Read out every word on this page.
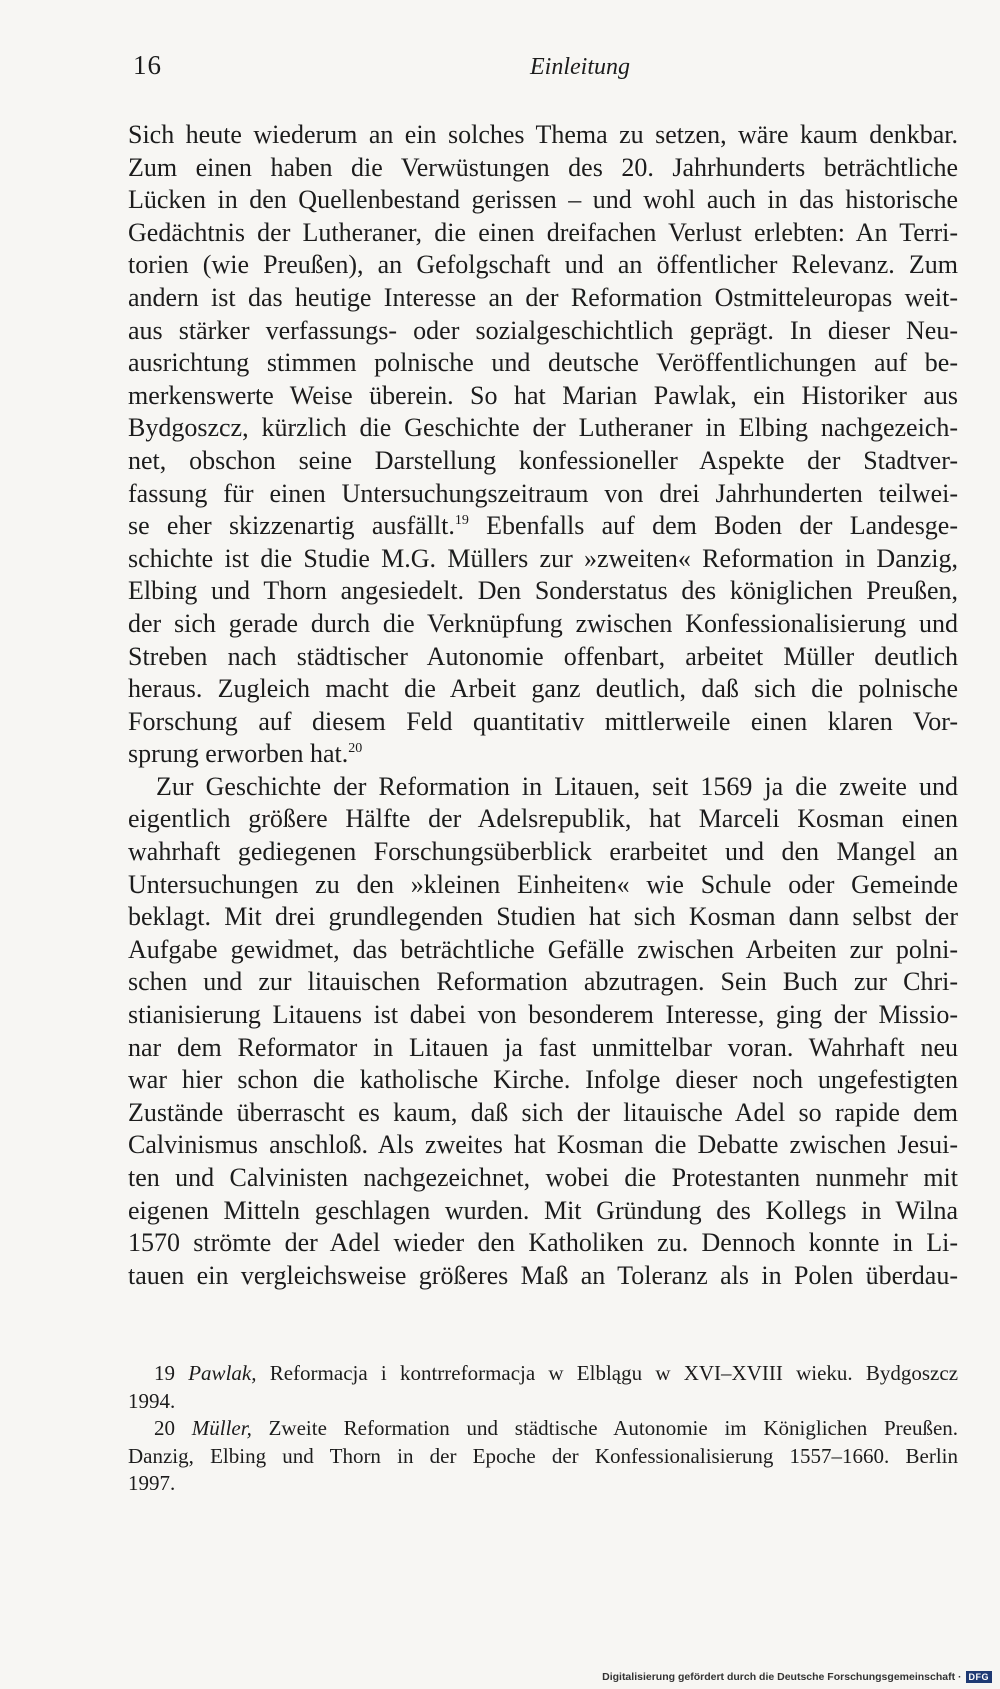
16	Einleitung
Sich heute wiederum an ein solches Thema zu setzen, wäre kaum denkbar.
Zum einen haben die Verwüstungen des 20. Jahrhunderts beträchtliche
Lücken in den Quellenbestand gerissen – und wohl auch in das historische
Gedächtnis der Lutheraner, die einen dreifachen Verlust erlebten: An Terri-
torien (wie Preußen), an Gefolgschaft und an öffentlicher Relevanz. Zum
andern ist das heutige Interesse an der Reformation Ostmitteleuropas weit-
aus stärker verfassungs- oder sozialgeschichtlich geprägt. In dieser Neu-
ausrichtung stimmen polnische und deutsche Veröffentlichungen auf be-
merkenswerte Weise überein. So hat Marian Pawlak, ein Historiker aus
Bydgoszcz, kürzlich die Geschichte der Lutheraner in Elbing nachgezeich-
net, obschon seine Darstellung konfessioneller Aspekte der Stadtver-
fassung für einen Untersuchungszeitraum von drei Jahrhunderten teilwei-
se eher skizzenartig ausfällt.$^{19}$ Ebenfalls auf dem Boden der Landesge-
schichte ist die Studie M.G. Müllers zur »zweiten« Reformation in Danzig,
Elbing und Thorn angesiedelt. Den Sonderstatus des königlichen Preußen,
der sich gerade durch die Verknüpfung zwischen Konfessionalisierung und
Streben nach städtischer Autonomie offenbart, arbeitet Müller deutlich
heraus. Zugleich macht die Arbeit ganz deutlich, daß sich die polnische
Forschung auf diesem Feld quantitativ mittlerweile einen klaren Vor-
sprung erworben hat.$^{20}$
Zur Geschichte der Reformation in Litauen, seit 1569 ja die zweite und
eigentlich größere Hälfte der Adelsrepublik, hat Marceli Kosman einen
wahrhaft gediegenen Forschungsüberblick erarbeitet und den Mangel an
Untersuchungen zu den »kleinen Einheiten« wie Schule oder Gemeinde
beklagt. Mit drei grundlegenden Studien hat sich Kosman dann selbst der
Aufgabe gewidmet, das beträchtliche Gefälle zwischen Arbeiten zur polni-
schen und zur litauischen Reformation abzutragen. Sein Buch zur Chri-
stianisierung Litauens ist dabei von besonderem Interesse, ging der Missio-
nar dem Reformator in Litauen ja fast unmittelbar voran. Wahrhaft neu
war hier schon die katholische Kirche. Infolge dieser noch ungefestigten
Zustände überrascht es kaum, daß sich der litauische Adel so rapide dem
Calvinismus anschloß. Als zweites hat Kosman die Debatte zwischen Jesui-
ten und Calvinisten nachgezeichnet, wobei die Protestanten nunmehr mit
eigenen Mitteln geschlagen wurden. Mit Gründung des Kollegs in Wilna
1570 strömte der Adel wieder den Katholiken zu. Dennoch konnte in Li-
tauen ein vergleichsweise größeres Maß an Toleranz als in Polen überdau-
19 Pawlak, Reformacja i kontrreformacja w Elblągu w XVI–XVIII wieku. Bydgoszcz
1994.
20 Müller, Zweite Reformation und städtische Autonomie im Königlichen Preußen.
Danzig, Elbing und Thorn in der Epoche der Konfessionalisierung 1557–1660. Berlin
1997.
Digitalisierung gefördert durch die Deutsche Forschungsgemeinschaft · DFG
